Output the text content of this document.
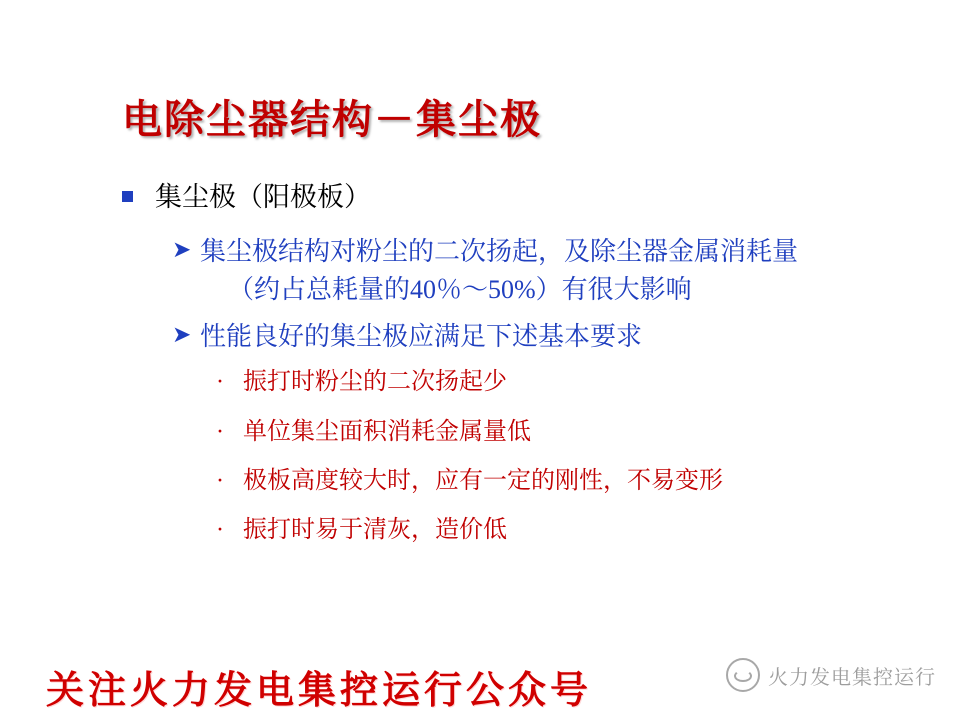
电除尘器结构－集尘极
集尘极（阳极板）
➤ 集尘极结构对粉尘的二次扬起，及除尘器金属消耗量
（约占总耗量的40％～50%）有很大影响
➤ 性能良好的集尘极应满足下述基本要求
· 振打时粉尘的二次扬起少
· 单位集尘面积消耗金属量低
· 极板高度较大时，应有一定的刚性，不易变形
· 振打时易于清灰，造价低
关注火力发电集控运行公众号	火力发电集控运行
